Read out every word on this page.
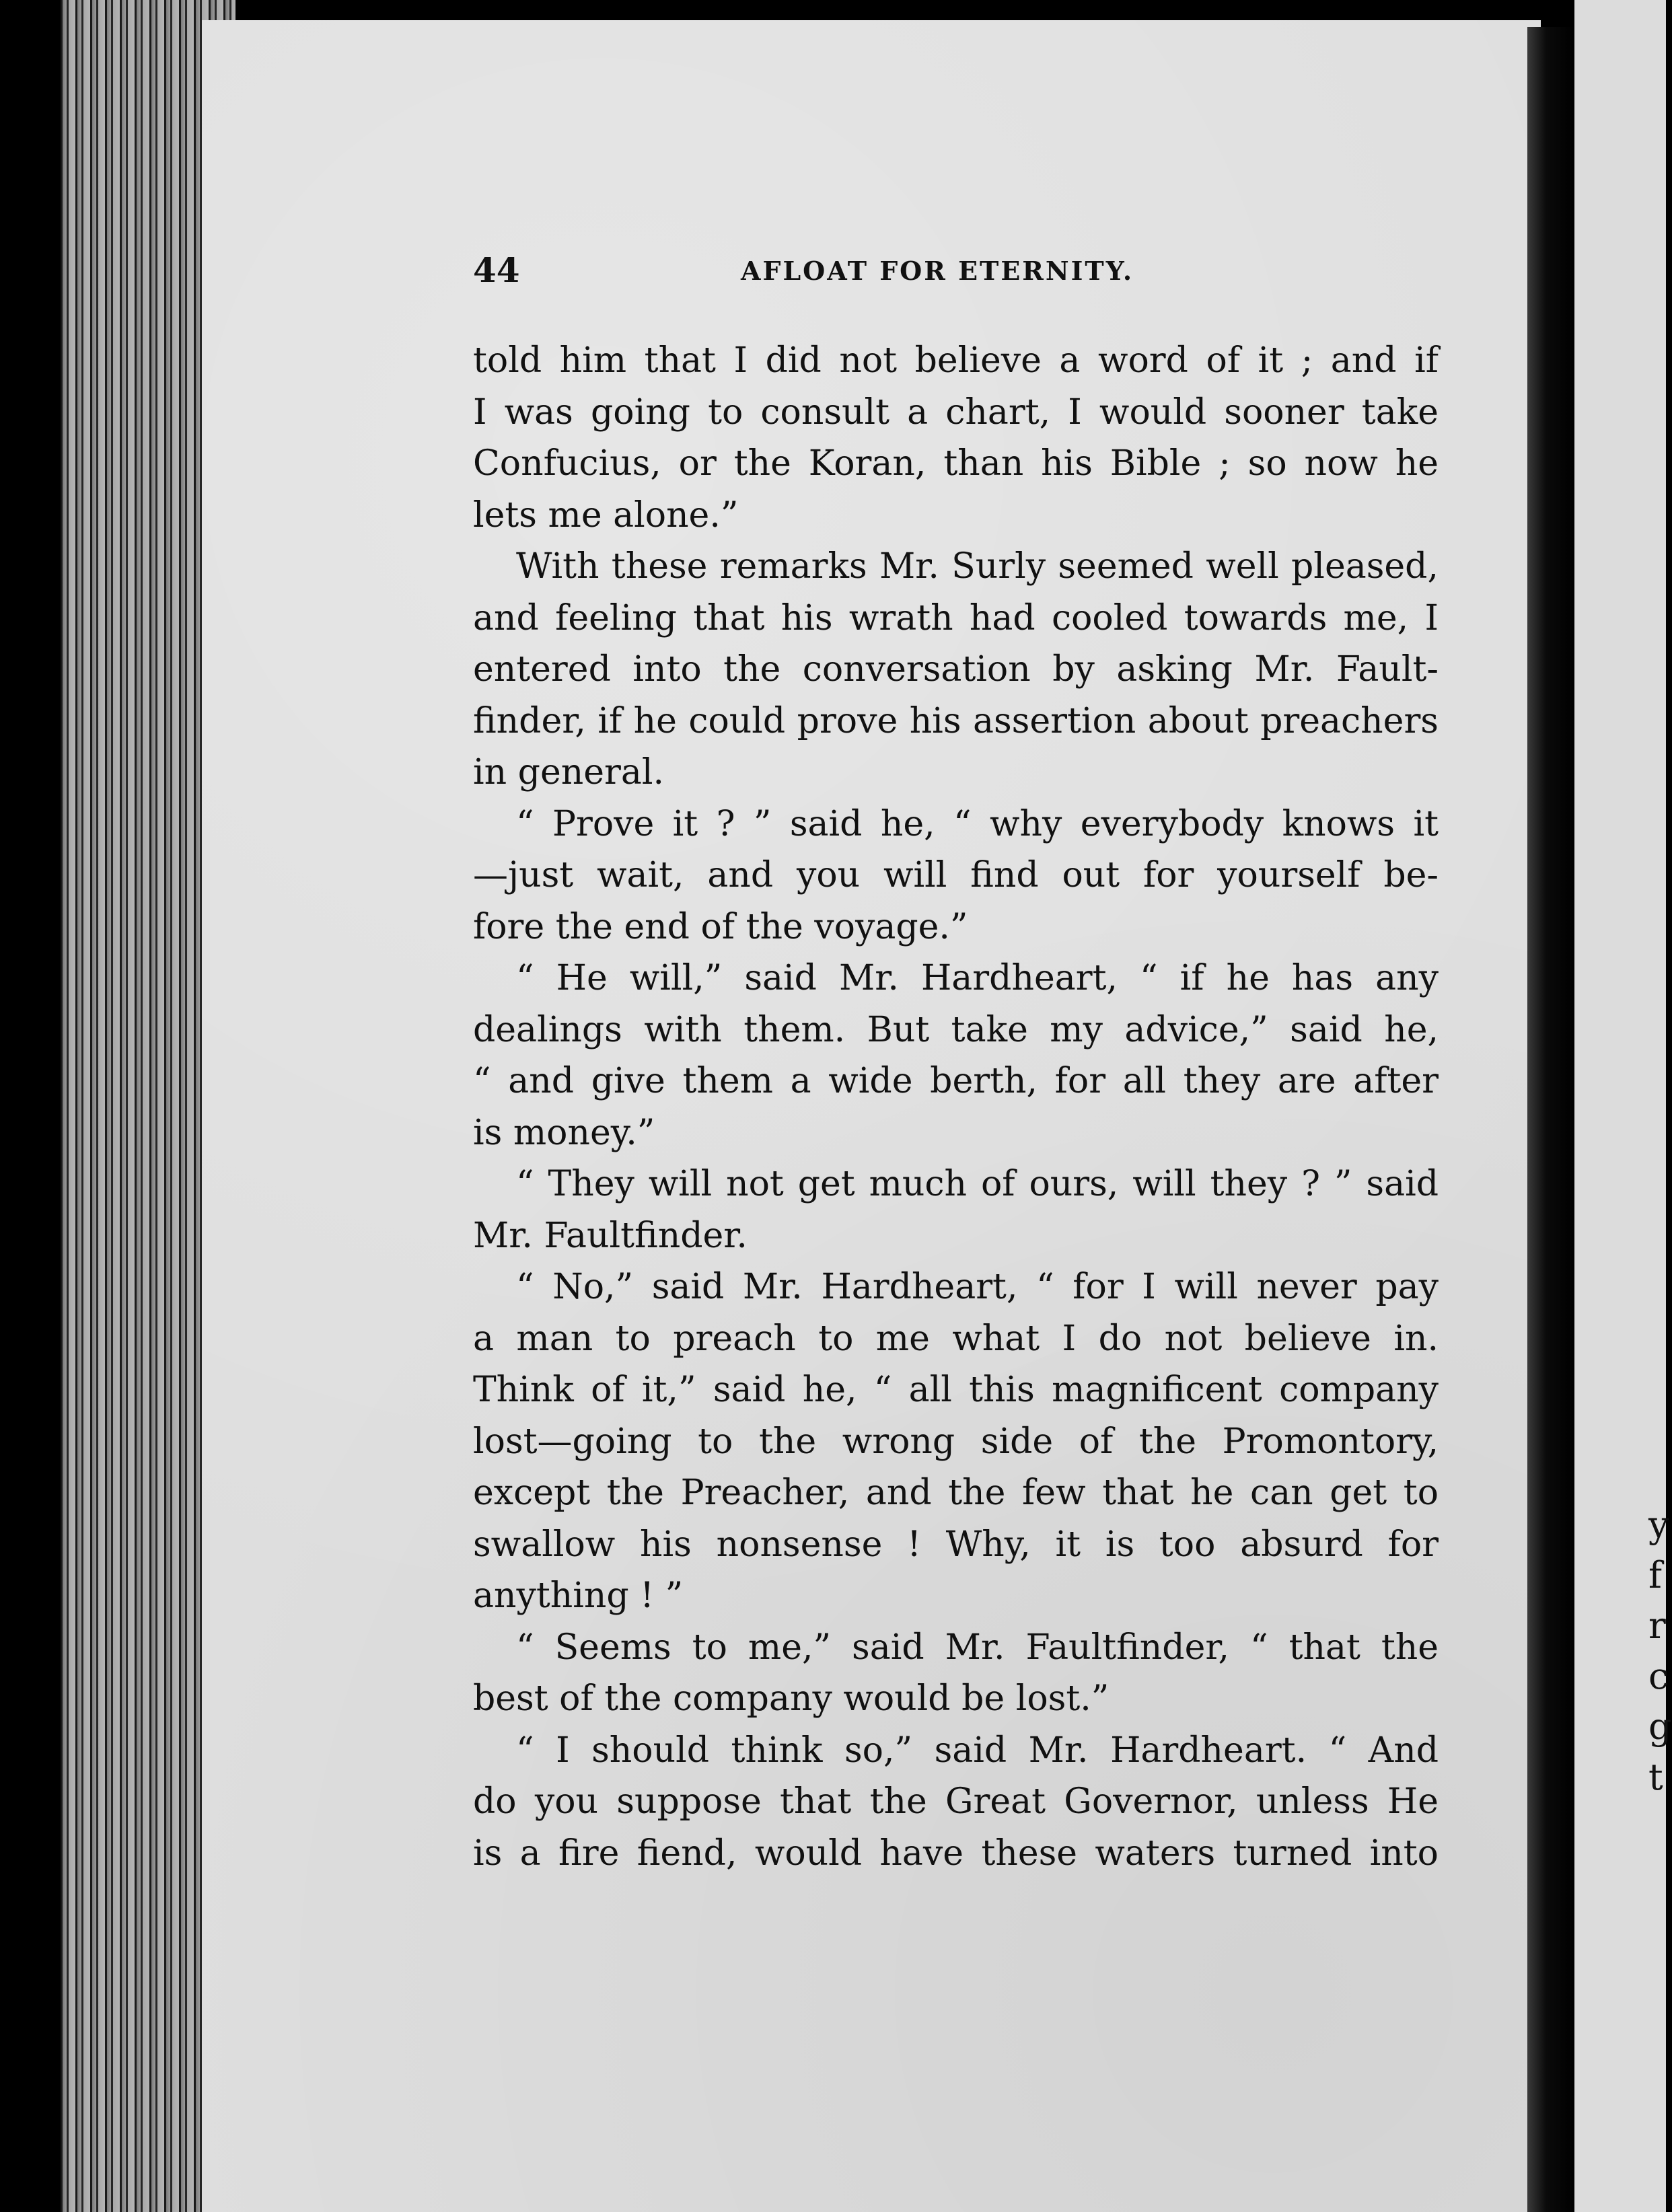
y
f
r
c
g
t
44	AFLOAT FOR ETERNITY.
told him that I did not believe a word of it ; and if
I was going to consult a chart, I would sooner take
Confucius, or the Koran, than his Bible ; so now he
lets me alone.”
With these remarks Mr. Surly seemed well pleased,
and feeling that his wrath had cooled towards me, I
entered into the conversation by asking Mr. Fault-
finder, if he could prove his assertion about preachers
in general.
“ Prove it ? ” said he, “ why everybody knows it
—just wait, and you will find out for yourself be-
fore the end of the voyage.”
“ He will,” said Mr. Hardheart, “ if he has any
dealings with them. But take my advice,” said he,
“ and give them a wide berth, for all they are after
is money.”
“ They will not get much of ours, will they ? ” said
Mr. Faultfinder.
“ No,” said Mr. Hardheart, “ for I will never pay
a man to preach to me what I do not believe in.
Think of it,” said he, “ all this magnificent company
lost—going to the wrong side of the Promontory,
except the Preacher, and the few that he can get to
swallow his nonsense ! Why, it is too absurd for
anything ! ”
“ Seems to me,” said Mr. Faultfinder, “ that the
best of the company would be lost.”
“ I should think so,” said Mr. Hardheart. “ And
do you suppose that the Great Governor, unless He
is a fire fiend, would have these waters turned into
